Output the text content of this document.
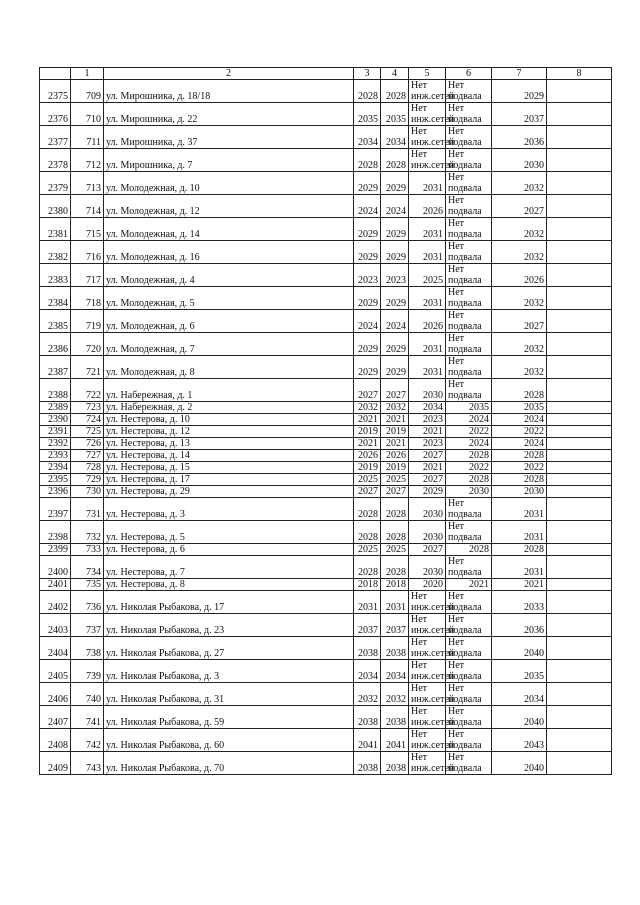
	1	2	3	4	5	6	7	8
2375	709	ул. Мирошника, д. 18/18	2028	2028	Нет инж.сетей	Нет подвала	2029	
2376	710	ул. Мирошника, д. 22	2035	2035	Нет инж.сетей	Нет подвала	2037	
2377	711	ул. Мирошника, д. 37	2034	2034	Нет инж.сетей	Нет подвала	2036	
2378	712	ул. Мирошника, д. 7	2028	2028	Нет инж.сетей	Нет подвала	2030	
2379	713	ул. Молодежная, д. 10	2029	2029	2031	Нет подвала	2032	
2380	714	ул. Молодежная, д. 12	2024	2024	2026	Нет подвала	2027	
2381	715	ул. Молодежная, д. 14	2029	2029	2031	Нет подвала	2032	
2382	716	ул. Молодежная, д. 16	2029	2029	2031	Нет подвала	2032	
2383	717	ул. Молодежная, д. 4	2023	2023	2025	Нет подвала	2026	
2384	718	ул. Молодежная, д. 5	2029	2029	2031	Нет подвала	2032	
2385	719	ул. Молодежная, д. 6	2024	2024	2026	Нет подвала	2027	
2386	720	ул. Молодежная, д. 7	2029	2029	2031	Нет подвала	2032	
2387	721	ул. Молодежная, д. 8	2029	2029	2031	Нет подвала	2032	
2388	722	ул. Набережная, д. 1	2027	2027	2030	Нет подвала	2028	
2389	723	ул. Набережная, д. 2	2032	2032	2034	2035	2035	
2390	724	ул. Нестерова, д. 10	2021	2021	2023	2024	2024	
2391	725	ул. Нестерова, д. 12	2019	2019	2021	2022	2022	
2392	726	ул. Нестерова, д. 13	2021	2021	2023	2024	2024	
2393	727	ул. Нестерова, д. 14	2026	2026	2027	2028	2028	
2394	728	ул. Нестерова, д. 15	2019	2019	2021	2022	2022	
2395	729	ул. Нестерова, д. 17	2025	2025	2027	2028	2028	
2396	730	ул. Нестерова, д. 29	2027	2027	2029	2030	2030	
2397	731	ул. Нестерова, д. 3	2028	2028	2030	Нет подвала	2031	
2398	732	ул. Нестерова, д. 5	2028	2028	2030	Нет подвала	2031	
2399	733	ул. Нестерова, д. 6	2025	2025	2027	2028	2028	
2400	734	ул. Нестерова, д. 7	2028	2028	2030	Нет подвала	2031	
2401	735	ул. Нестерова, д. 8	2018	2018	2020	2021	2021	
2402	736	ул. Николая Рыбакова, д. 17	2031	2031	Нет инж.сетей	Нет подвала	2033	
2403	737	ул. Николая Рыбакова, д. 23	2037	2037	Нет инж.сетей	Нет подвала	2036	
2404	738	ул. Николая Рыбакова, д. 27	2038	2038	Нет инж.сетей	Нет подвала	2040	
2405	739	ул. Николая Рыбакова, д. 3	2034	2034	Нет инж.сетей	Нет подвала	2035	
2406	740	ул. Николая Рыбакова, д. 31	2032	2032	Нет инж.сетей	Нет подвала	2034	
2407	741	ул. Николая Рыбакова, д. 59	2038	2038	Нет инж.сетей	Нет подвала	2040	
2408	742	ул. Николая Рыбакова, д. 60	2041	2041	Нет инж.сетей	Нет подвала	2043	
2409	743	ул. Николая Рыбакова, д. 70	2038	2038	Нет инж.сетей	Нет подвала	2040	
